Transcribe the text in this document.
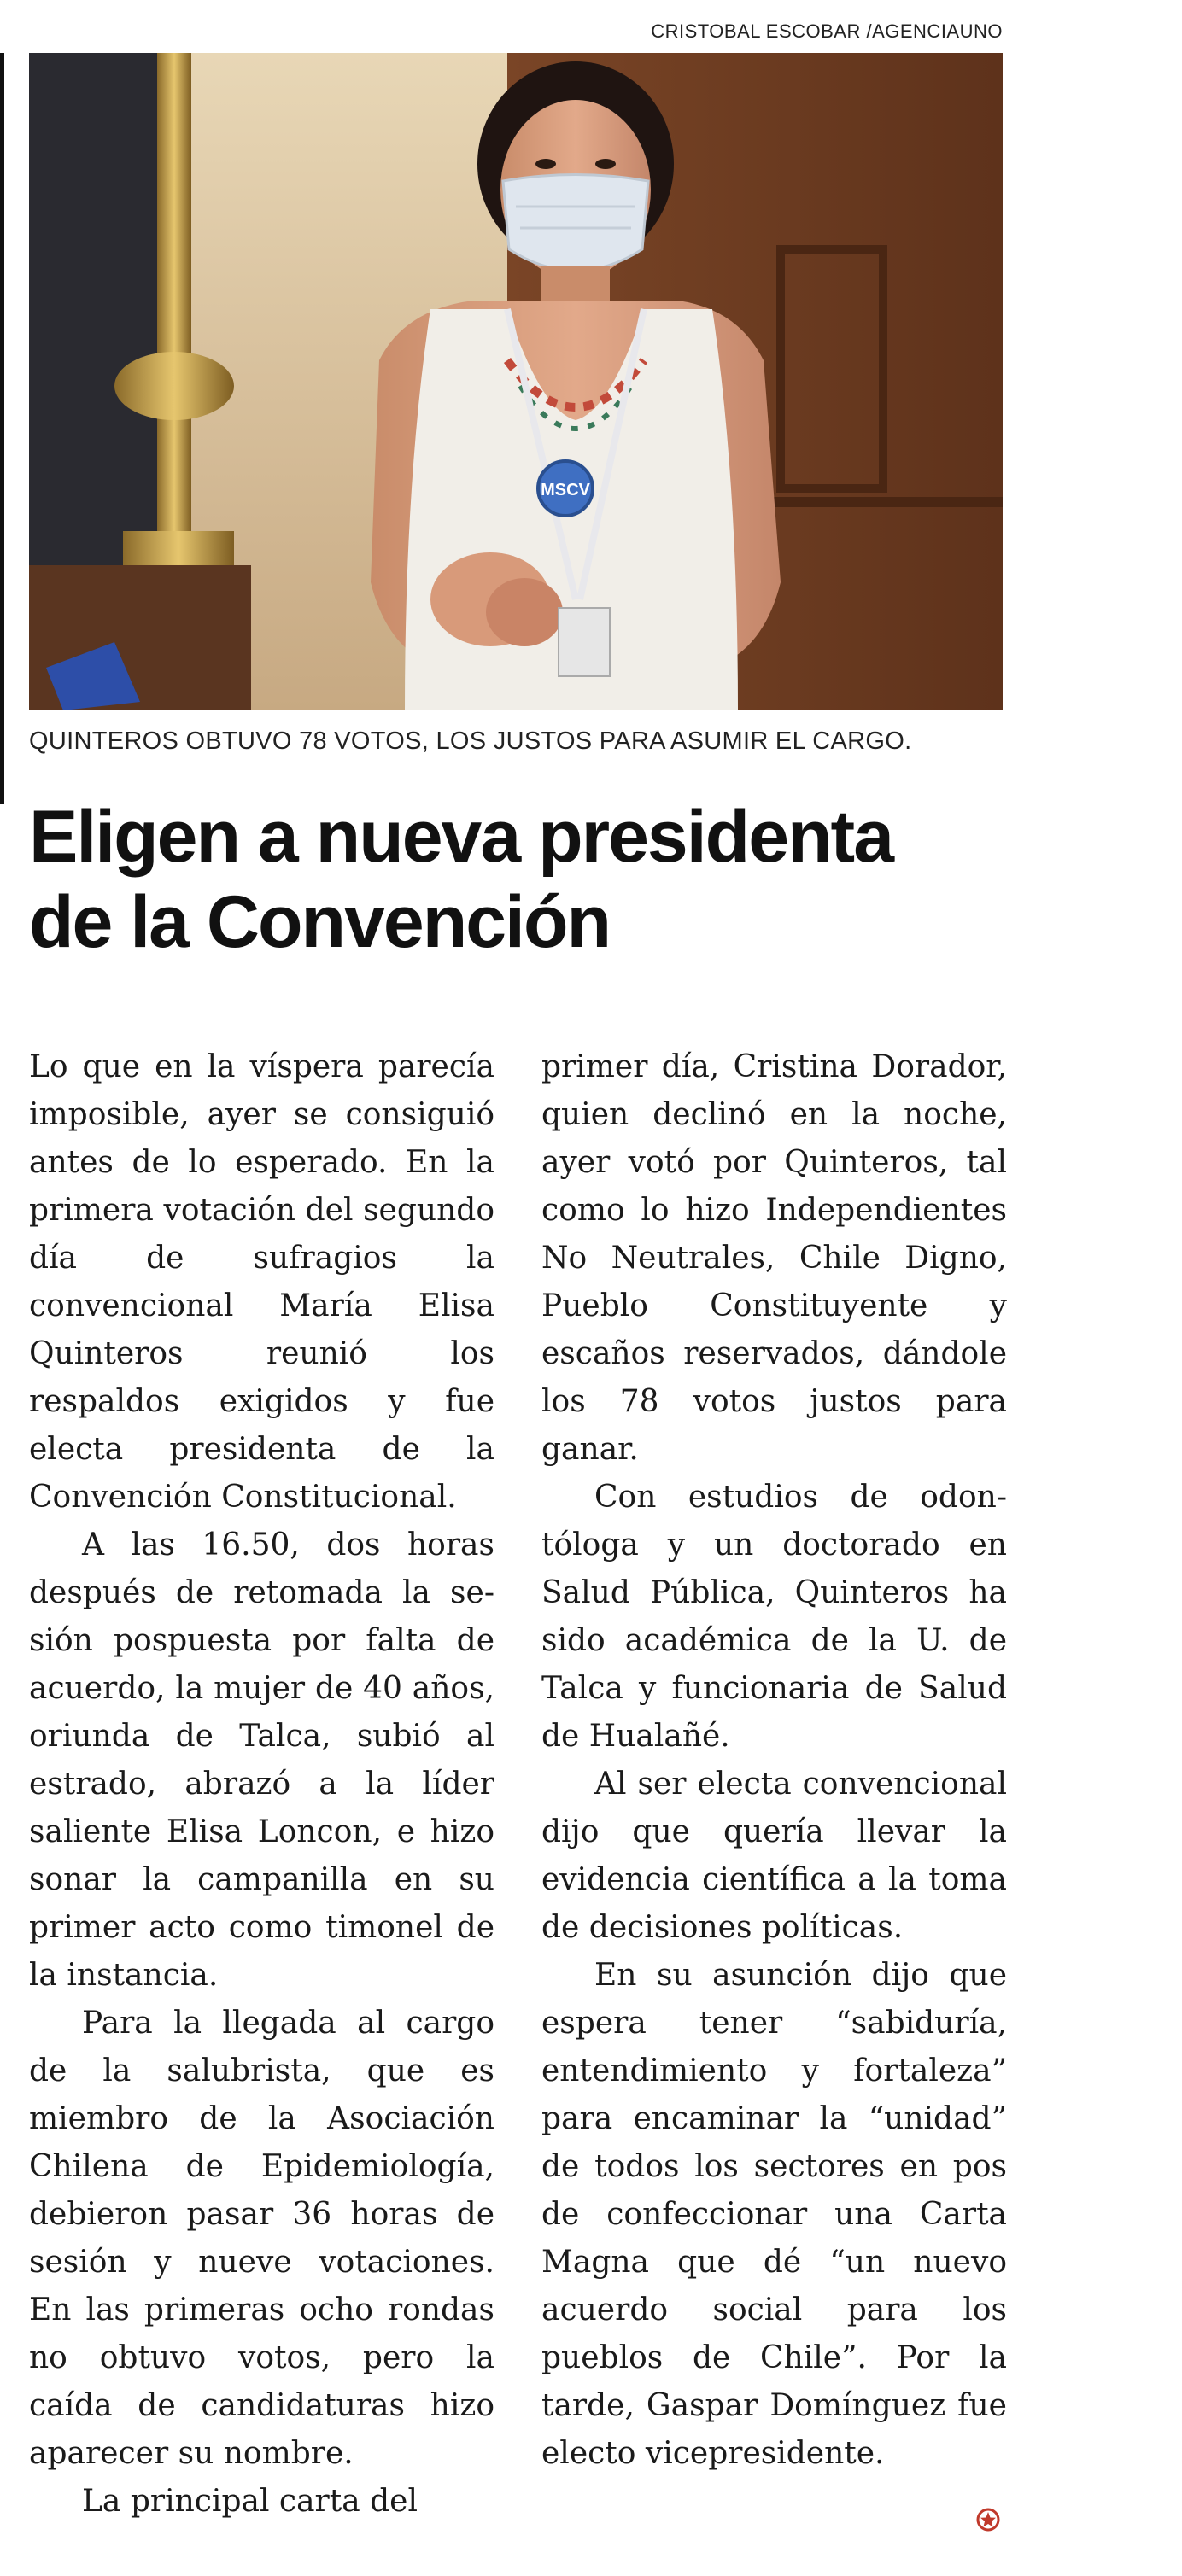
CRISTOBAL ESCOBAR /AGENCIAUNO
MSCV
QUINTEROS OBTUVO 78 VOTOS, LOS JUSTOS PARA ASUMIR EL CARGO.
Eligen a nueva presidenta
de la Convención

Lo que en la víspera parecía imposible, ayer se consiguió antes de lo esperado. En la primera votación del segundo día de sufragios la convencional María Elisa Quinteros reunió los respaldos exigidos y fue electa presidenta de la Convención Constitucional.

A las 16.50, dos horas después de retomada la sesión pospuesta por falta de acuerdo, la mujer de 40 años, oriunda de Talca, subió al estrado, abrazó a la líder saliente Elisa Loncon, e hizo sonar la campanilla en su primer acto como timonel de la instancia.

Para la llegada al cargo de la salubrista, que es miembro de la Asociación Chilena de Epidemiología, debieron pasar 36 horas de sesión y nueve votaciones. En las primeras ocho rondas no obtuvo votos, pero la caída de candidaturas hizo aparecer su nombre.

La principal carta del

primer día, Cristina Dorador, quien declinó en la noche, ayer votó por Quinteros, tal como lo hizo Independientes No Neutrales, Chile Digno, Pueblo Constituyente y escaños reservados, dándole los 78 votos justos para ganar.

Con estudios de odontóloga y un doctorado en Salud Pública, Quinteros ha sido académica de la U. de Talca y funcionaria de Salud de Hualañé.

Al ser electa convencional dijo que quería llevar la evidencia científica a la toma de decisiones políticas.

En su asunción dijo que espera tener “sabiduría, entendimiento y fortaleza” para encaminar la “unidad” de todos los sectores en pos de confeccionar una Carta Magna que dé “un nuevo acuerdo social para los pueblos de Chile”. Por la tarde, Gaspar Domínguez fue electo vicepresidente.
